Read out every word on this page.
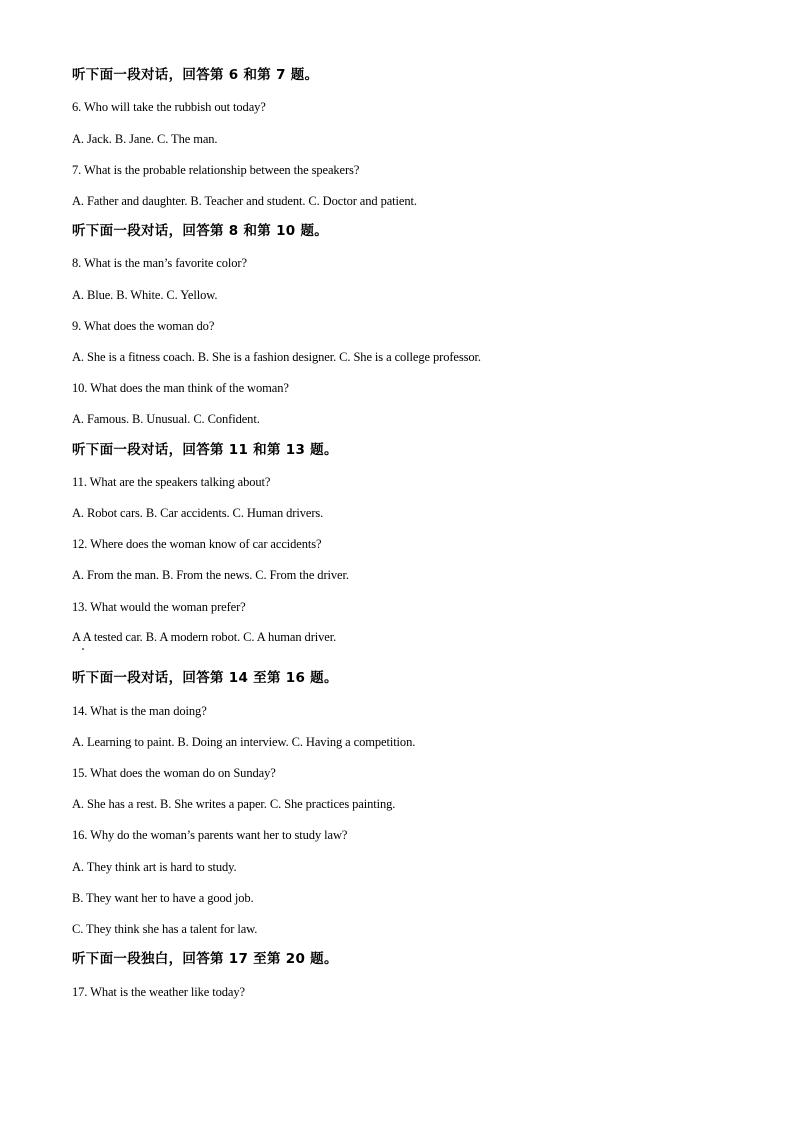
听下面一段对话，回答第 6 和第 7 题。
6. Who will take the rubbish out today?
A. Jack. B. Jane. C. The man.
7. What is the probable relationship between the speakers?
A. Father and daughter. B. Teacher and student. C. Doctor and patient.
听下面一段对话，回答第 8 和第 10 题。
8. What is the man’s favorite color?
A. Blue. B. White. C. Yellow.
9. What does the woman do?
A. She is a fitness coach. B. She is a fashion designer. C. She is a college professor.
10. What does the man think of the woman?
A. Famous. B. Unusual. C. Confident.
听下面一段对话，回答第 11 和第 13 题。
11. What are the speakers talking about?
A. Robot cars. B. Car accidents. C. Human drivers.
12. Where does the woman know of car accidents?
A. From the man. B. From the news. C. From the driver.
13. What would the woman prefer?
A A tested car. B. A modern robot. C. A human driver.
听下面一段对话，回答第 14 至第 16 题。
14. What is the man doing?
A. Learning to paint. B. Doing an interview. C. Having a competition.
15. What does the woman do on Sunday?
A. She has a rest. B. She writes a paper. C. She practices painting.
16. Why do the woman’s parents want her to study law?
A. They think art is hard to study.
B. They want her to have a good job.
C. They think she has a talent for law.
听下面一段独白，回答第 17 至第 20 题。
17. What is the weather like today?
